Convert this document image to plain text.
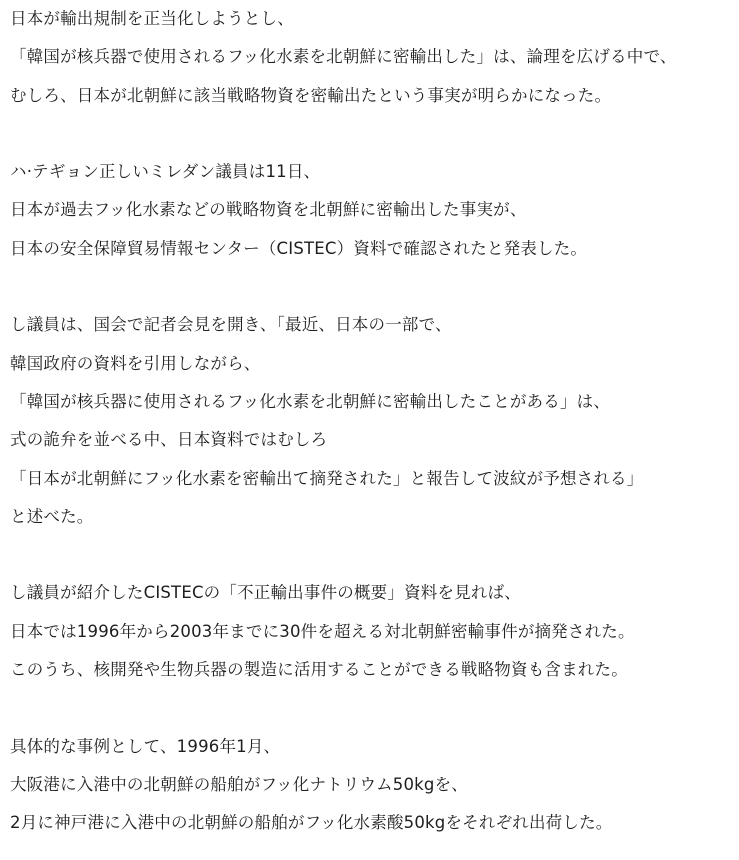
日本が輸出規制を正当化しようとし、
「韓国が核兵器で使用されるフッ化水素を北朝鮮に密輸出した」は、論理を広げる中で、
むしろ、日本が北朝鮮に該当戦略物資を密輸出たという事実が明らかになった。
ハ·テギョン正しいミレダン議員は11日、
日本が過去フッ化水素などの戦略物資を北朝鮮に密輸出した事実が、
日本の安全保障貿易情報センター（CISTEC）資料で確認されたと発表した。
し議員は、国会で記者会見を開き、「最近、日本の一部で、
韓国政府の資料を引用しながら、
「韓国が核兵器に使用されるフッ化水素を北朝鮮に密輸出したことがある」は、
式の詭弁を並べる中、日本資料ではむしろ
「日本が北朝鮮にフッ化水素を密輸出て摘発された」と報告して波紋が予想される」
と述べた。
し議員が紹介したCISTECの「不正輸出事件の概要」資料を見れば、
日本では1996年から2003年までに30件を超える対北朝鮮密輸事件が摘発された。
このうち、核開発や生物兵器の製造に活用することができる戦略物資も含まれた。
具体的な事例として、1996年1月、
大阪港に入港中の北朝鮮の船舶がフッ化ナトリウム50kgを、
2月に神戸港に入港中の北朝鮮の船舶がフッ化水素酸50kgをそれぞれ出荷した。
